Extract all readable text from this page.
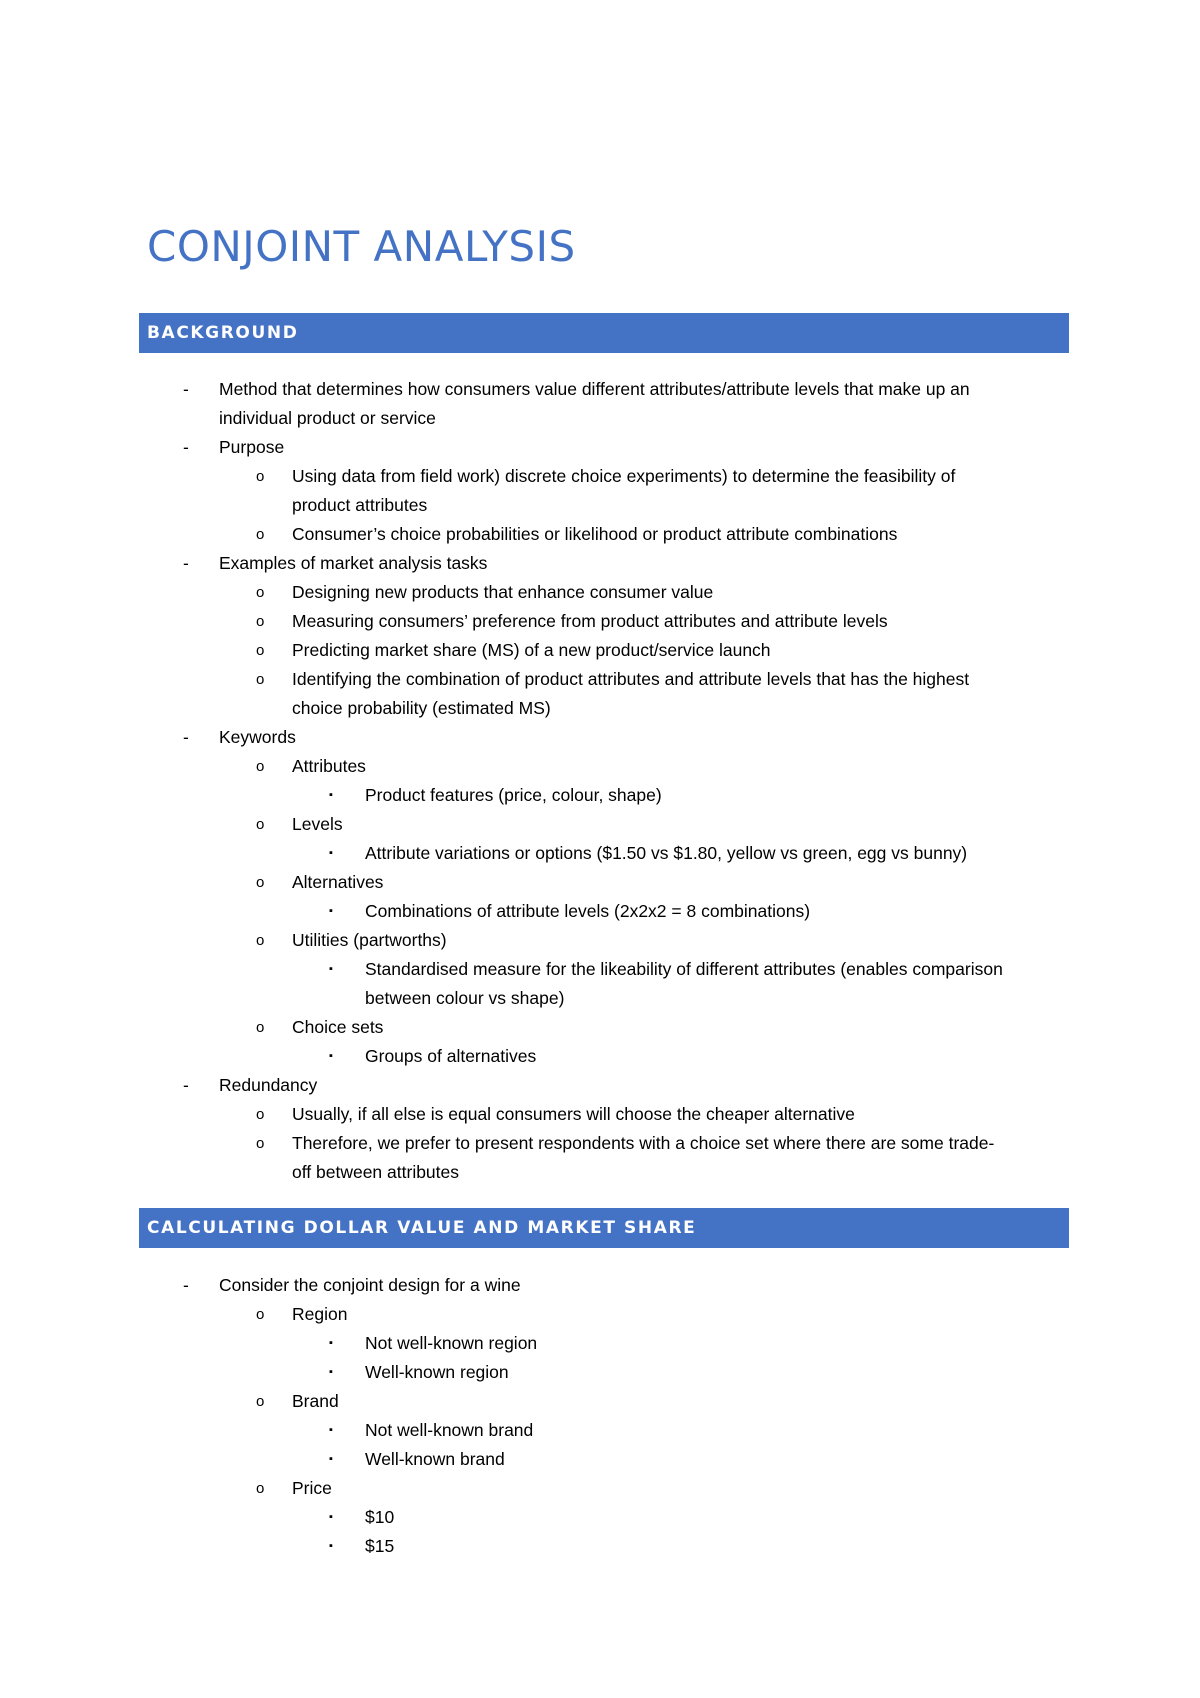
CONJOINT ANALYSIS
BACKGROUND
- Method that determines how consumers value different attributes/attribute levels that make up an
individual product or service
- Purpose
o Using data from field work) discrete choice experiments) to determine the feasibility of
product attributes
o Consumer’s choice probabilities or likelihood or product attribute combinations
- Examples of market analysis tasks
o Designing new products that enhance consumer value
o Measuring consumers’ preference from product attributes and attribute levels
o Predicting market share (MS) of a new product/service launch
o Identifying the combination of product attributes and attribute levels that has the highest
choice probability (estimated MS)
- Keywords
o Attributes
▪ Product features (price, colour, shape)
o Levels
▪ Attribute variations or options ($1.50 vs $1.80, yellow vs green, egg vs bunny)
o Alternatives
▪ Combinations of attribute levels (2x2x2 = 8 combinations)
o Utilities (partworths)
▪ Standardised measure for the likeability of different attributes (enables comparison
between colour vs shape)
o Choice sets
▪ Groups of alternatives
- Redundancy
o Usually, if all else is equal consumers will choose the cheaper alternative
o Therefore, we prefer to present respondents with a choice set where there are some trade-
off between attributes
CALCULATING DOLLAR VALUE AND MARKET SHARE
- Consider the conjoint design for a wine
o Region
▪ Not well-known region
▪ Well-known region
o Brand
▪ Not well-known brand
▪ Well-known brand
o Price
▪ $10
▪ $15
